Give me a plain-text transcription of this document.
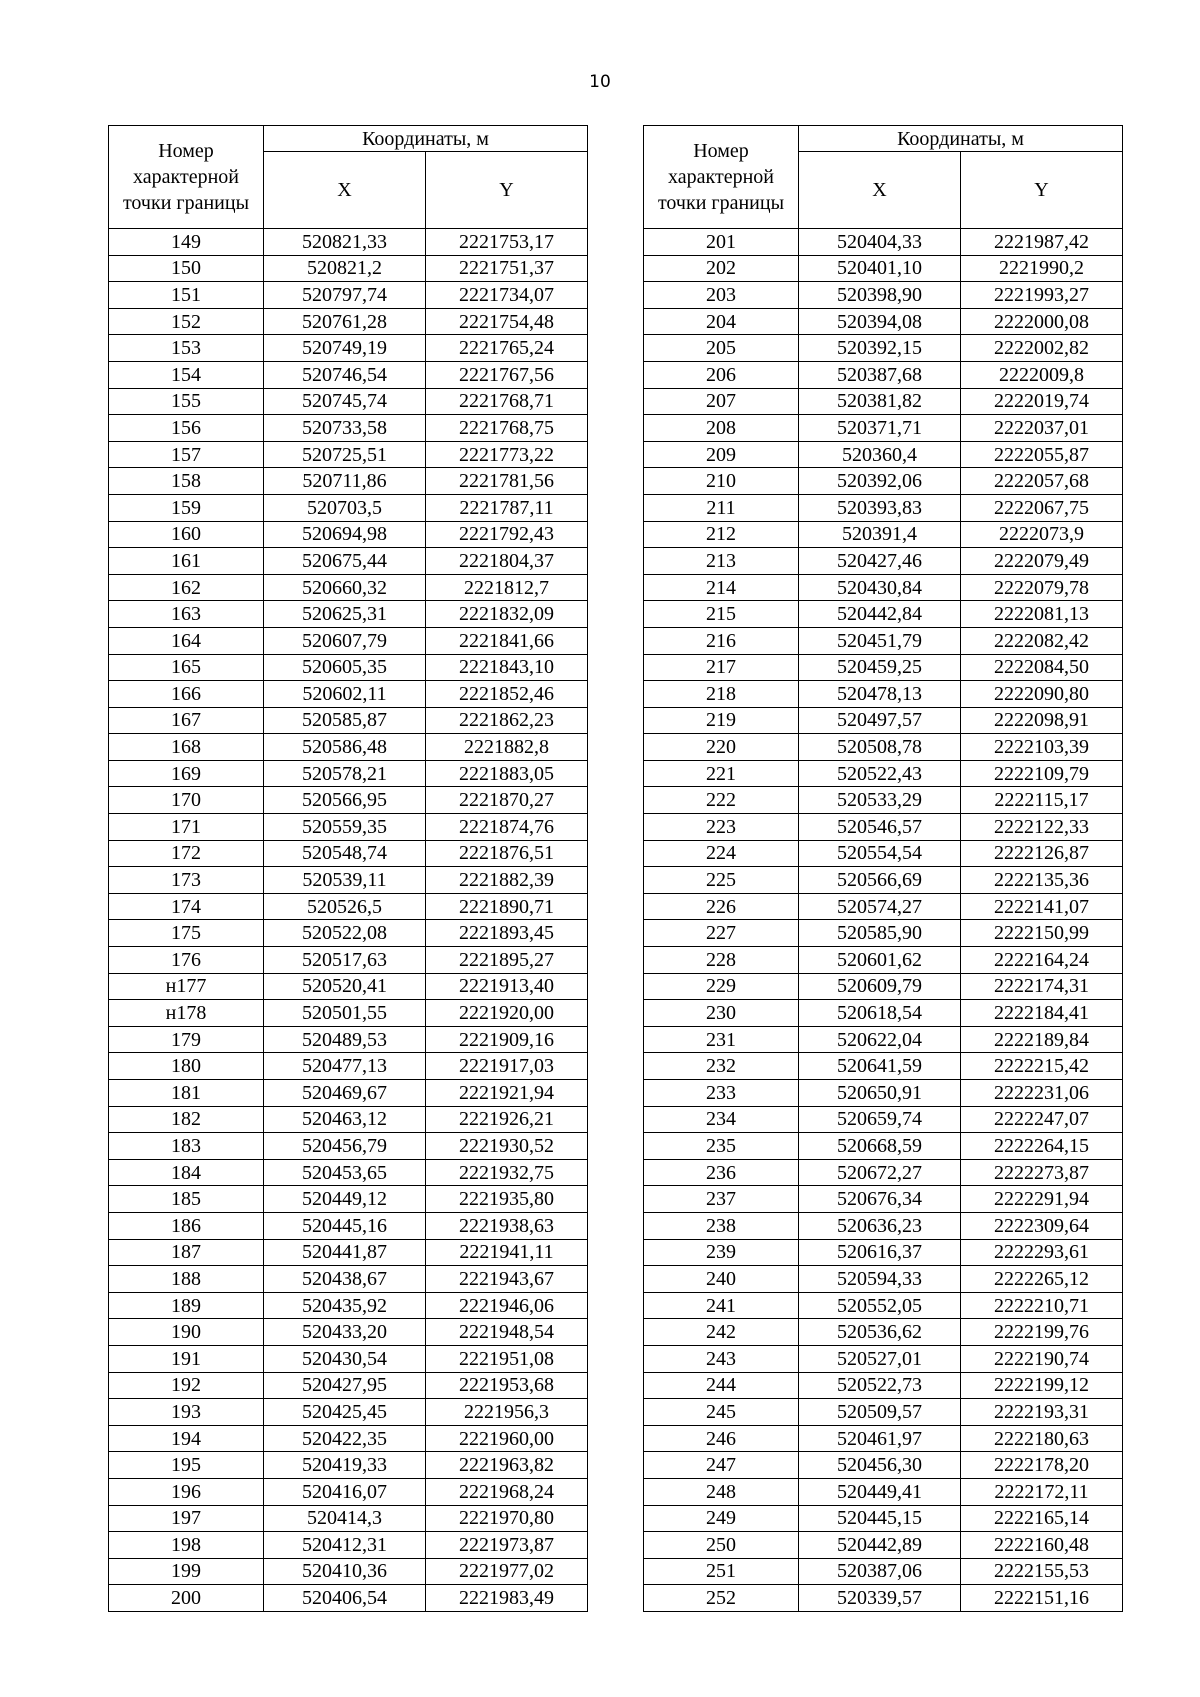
10
Номер характерной точки границы	Координаты, м	
	X	Y
149	520821,33	2221753,17
150	520821,2	2221751,37
151	520797,74	2221734,07
152	520761,28	2221754,48
153	520749,19	2221765,24
154	520746,54	2221767,56
155	520745,74	2221768,71
156	520733,58	2221768,75
157	520725,51	2221773,22
158	520711,86	2221781,56
159	520703,5	2221787,11
160	520694,98	2221792,43
161	520675,44	2221804,37
162	520660,32	2221812,7
163	520625,31	2221832,09
164	520607,79	2221841,66
165	520605,35	2221843,10
166	520602,11	2221852,46
167	520585,87	2221862,23
168	520586,48	2221882,8
169	520578,21	2221883,05
170	520566,95	2221870,27
171	520559,35	2221874,76
172	520548,74	2221876,51
173	520539,11	2221882,39
174	520526,5	2221890,71
175	520522,08	2221893,45
176	520517,63	2221895,27
н177	520520,41	2221913,40
н178	520501,55	2221920,00
179	520489,53	2221909,16
180	520477,13	2221917,03
181	520469,67	2221921,94
182	520463,12	2221926,21
183	520456,79	2221930,52
184	520453,65	2221932,75
185	520449,12	2221935,80
186	520445,16	2221938,63
187	520441,87	2221941,11
188	520438,67	2221943,67
189	520435,92	2221946,06
190	520433,20	2221948,54
191	520430,54	2221951,08
192	520427,95	2221953,68
193	520425,45	2221956,3
194	520422,35	2221960,00
195	520419,33	2221963,82
196	520416,07	2221968,24
197	520414,3	2221970,80
198	520412,31	2221973,87
199	520410,36	2221977,02
200	520406,54	2221983,49
Номер характерной точки границы	Координаты, м	
	X	Y
201	520404,33	2221987,42
202	520401,10	2221990,2
203	520398,90	2221993,27
204	520394,08	2222000,08
205	520392,15	2222002,82
206	520387,68	2222009,8
207	520381,82	2222019,74
208	520371,71	2222037,01
209	520360,4	2222055,87
210	520392,06	2222057,68
211	520393,83	2222067,75
212	520391,4	2222073,9
213	520427,46	2222079,49
214	520430,84	2222079,78
215	520442,84	2222081,13
216	520451,79	2222082,42
217	520459,25	2222084,50
218	520478,13	2222090,80
219	520497,57	2222098,91
220	520508,78	2222103,39
221	520522,43	2222109,79
222	520533,29	2222115,17
223	520546,57	2222122,33
224	520554,54	2222126,87
225	520566,69	2222135,36
226	520574,27	2222141,07
227	520585,90	2222150,99
228	520601,62	2222164,24
229	520609,79	2222174,31
230	520618,54	2222184,41
231	520622,04	2222189,84
232	520641,59	2222215,42
233	520650,91	2222231,06
234	520659,74	2222247,07
235	520668,59	2222264,15
236	520672,27	2222273,87
237	520676,34	2222291,94
238	520636,23	2222309,64
239	520616,37	2222293,61
240	520594,33	2222265,12
241	520552,05	2222210,71
242	520536,62	2222199,76
243	520527,01	2222190,74
244	520522,73	2222199,12
245	520509,57	2222193,31
246	520461,97	2222180,63
247	520456,30	2222178,20
248	520449,41	2222172,11
249	520445,15	2222165,14
250	520442,89	2222160,48
251	520387,06	2222155,53
252	520339,57	2222151,16
